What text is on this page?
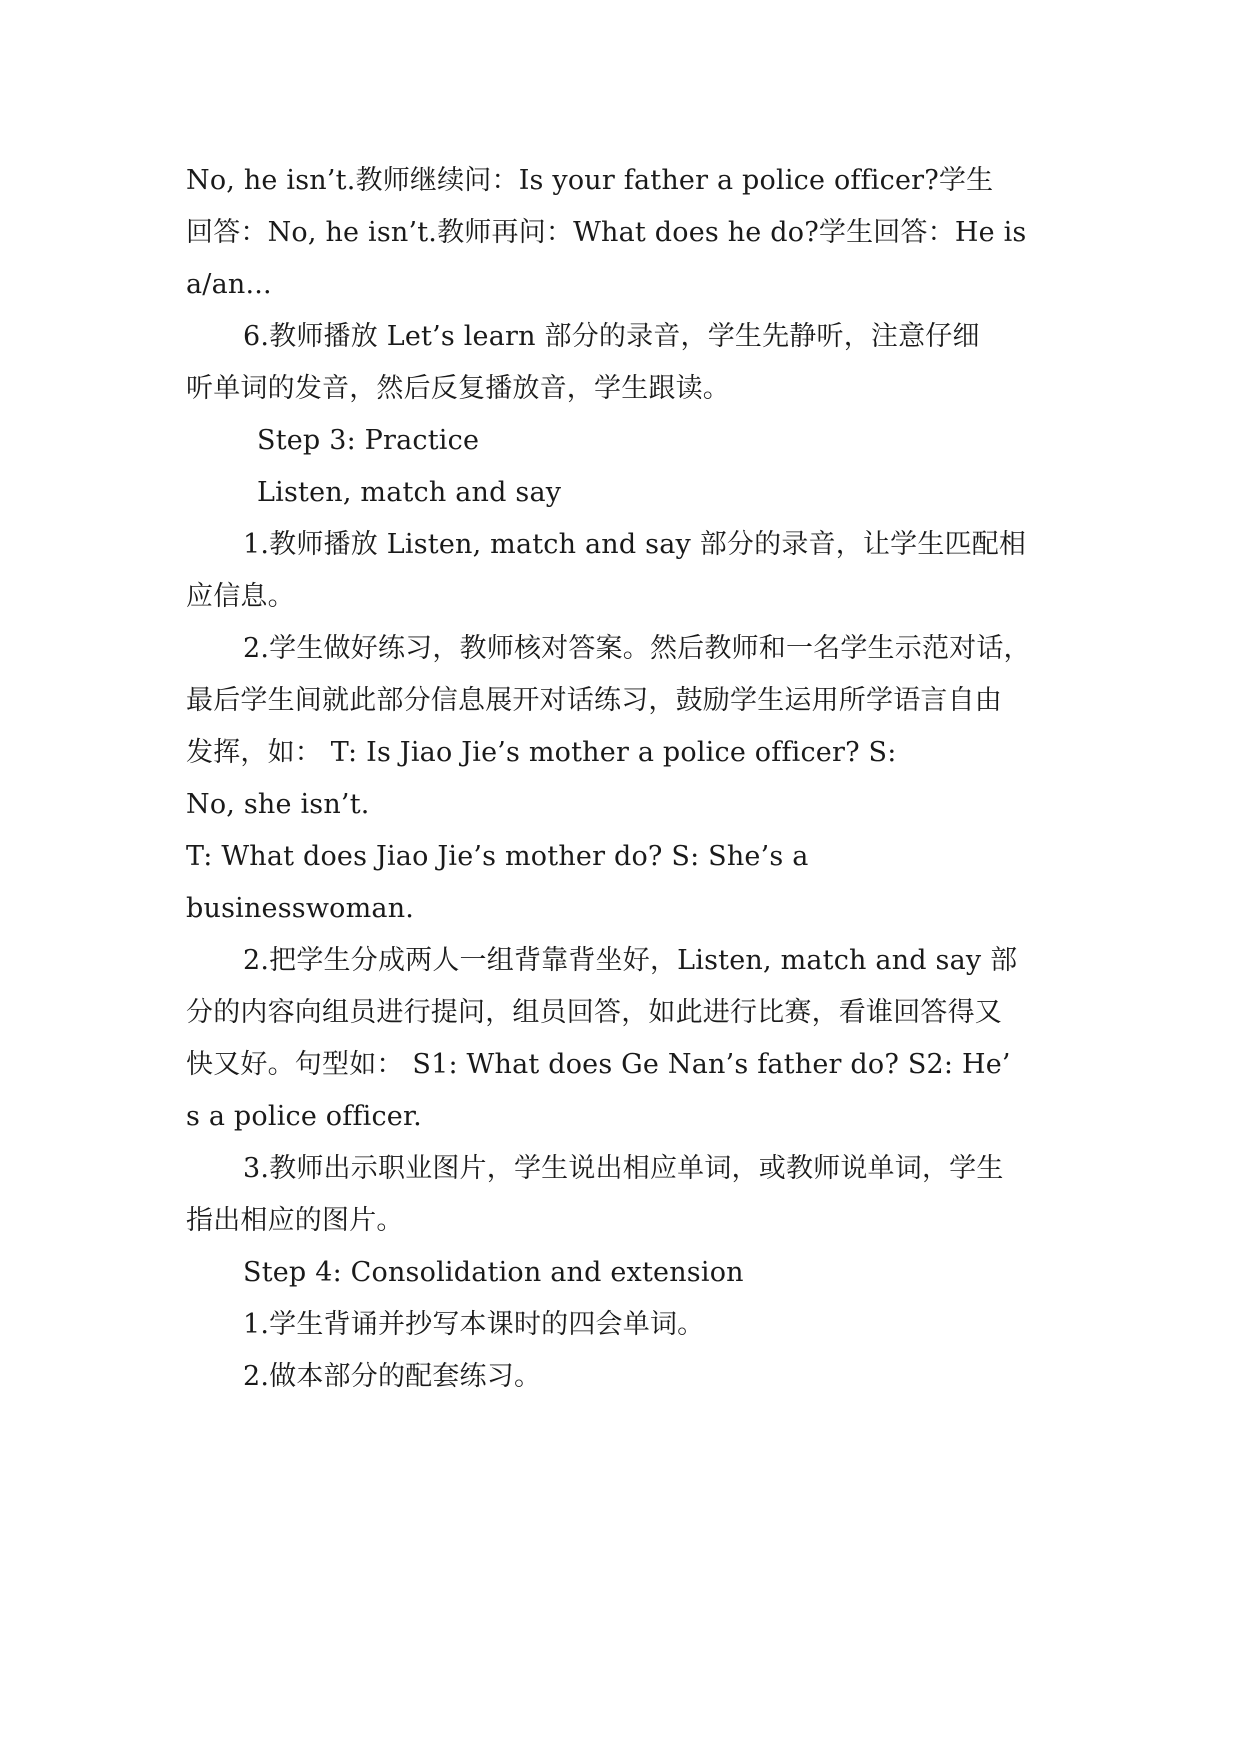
No, he isn’t.教师继续问：Is your father a police officer?学生
回答：No, he isn’t.教师再问：What does he do?学生回答：He is
a/an...
6.教师播放 Let’s learn 部分的录音，学生先静听，注意仔细
听单词的发音，然后反复播放音，学生跟读。
Step 3: Practice
Listen, match and say
1.教师播放 Listen, match and say 部分的录音，让学生匹配相
应信息。
2.学生做好练习，教师核对答案。然后教师和一名学生示范对话，
最后学生间就此部分信息展开对话练习，鼓励学生运用所学语言自由
发挥，如： T: Is Jiao Jie’s mother a police officer? S:
No, she isn’t.
T: What does Jiao Jie’s mother do? S: She’s a
businesswoman.
2.把学生分成两人一组背靠背坐好，Listen, match and say 部
分的内容向组员进行提问，组员回答，如此进行比赛，看谁回答得又
快又好。句型如： S1: What does Ge Nan’s father do? S2: He’
s a police officer.
3.教师出示职业图片，学生说出相应单词，或教师说单词，学生
指出相应的图片。
Step 4: Consolidation and extension
1.学生背诵并抄写本课时的四会单词。
2.做本部分的配套练习。
